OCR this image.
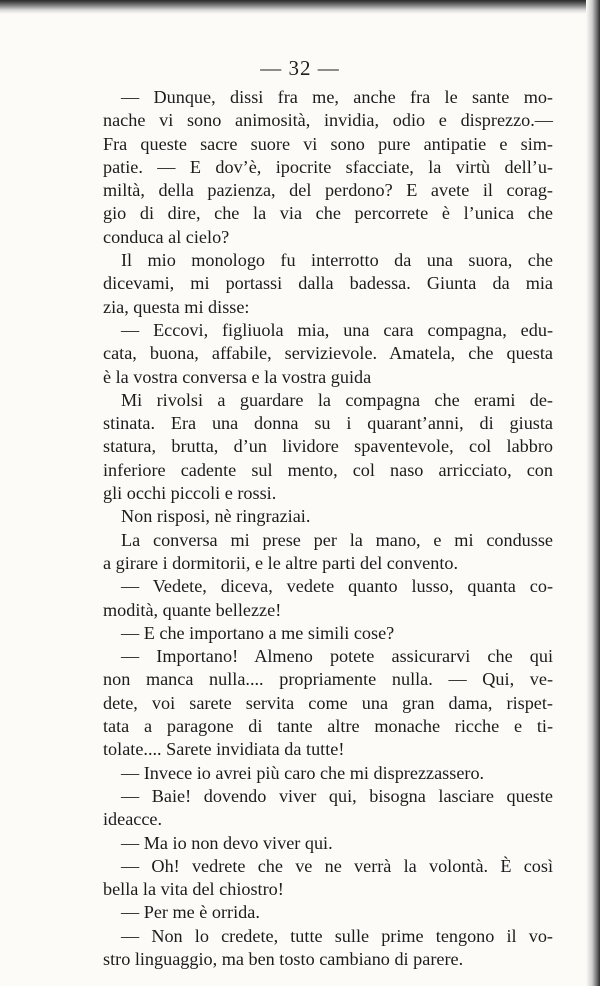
— 32 —
— Dunque, dissi fra me, anche fra le sante mo-
nache vi sono animosità, invidia, odio e disprezzo.—
Fra queste sacre suore vi sono pure antipatie e sim-
patie. — E dov’è, ipocrite sfacciate, la virtù dell’u-
miltà, della pazienza, del perdono? E avete il corag-
gio di dire, che la via che percorrete è l’unica che
conduca al cielo?
Il mio monologo fu interrotto da una suora, che
dicevami, mi portassi dalla badessa. Giunta da mia
zia, questa mi disse:
— Eccovi, figliuola mia, una cara compagna, edu-
cata, buona, affabile, servizievole. Amatela, che questa
è la vostra conversa e la vostra guida
Mi rivolsi a guardare la compagna che erami de-
stinata. Era una donna su i quarant’anni, di giusta
statura, brutta, d’un lividore spaventevole, col labbro
inferiore cadente sul mento, col naso arricciato, con
gli occhi piccoli e rossi.
Non risposi, nè ringraziai.
La conversa mi prese per la mano, e mi condusse
a girare i dormitorii, e le altre parti del convento.
— Vedete, diceva, vedete quanto lusso, quanta co-
modità, quante bellezze!
— E che importano a me simili cose?
— Importano! Almeno potete assicurarvi che qui
non manca nulla.... propriamente nulla. — Qui, ve-
dete, voi sarete servita come una gran dama, rispet-
tata a paragone di tante altre monache ricche e ti-
tolate.... Sarete invidiata da tutte!
— Invece io avrei più caro che mi disprezzassero.
— Baie! dovendo viver qui, bisogna lasciare queste
ideacce.
— Ma io non devo viver qui.
— Oh! vedrete che ve ne verrà la volontà. È così
bella la vita del chiostro!
— Per me è orrida.
— Non lo credete, tutte sulle prime tengono il vo-
stro linguaggio, ma ben tosto cambiano di parere.
